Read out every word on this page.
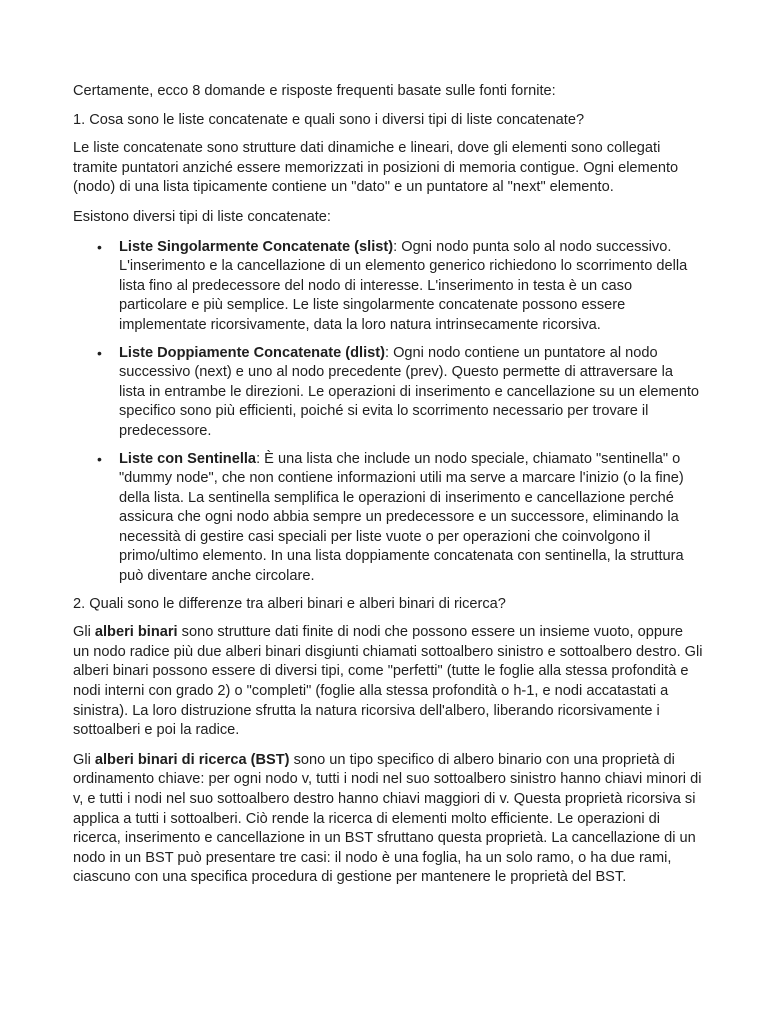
Certamente, ecco 8 domande e risposte frequenti basate sulle fonti fornite:

1. Cosa sono le liste concatenate e quali sono i diversi tipi di liste concatenate?

Le liste concatenate sono strutture dati dinamiche e lineari, dove gli elementi sono collegati tramite puntatori anziché essere memorizzati in posizioni di memoria contigue. Ogni elemento (nodo) di una lista tipicamente contiene un "dato" e un puntatore al "next" elemento.

Esistono diversi tipi di liste concatenate:

• Liste Singolarmente Concatenate (slist): Ogni nodo punta solo al nodo successivo. L'inserimento e la cancellazione di un elemento generico richiedono lo scorrimento della lista fino al predecessore del nodo di interesse. L'inserimento in testa è un caso particolare e più semplice. Le liste singolarmente concatenate possono essere implementate ricorsivamente, data la loro natura intrinsecamente ricorsiva.
• Liste Doppiamente Concatenate (dlist): Ogni nodo contiene un puntatore al nodo successivo (next) e uno al nodo precedente (prev). Questo permette di attraversare la lista in entrambe le direzioni. Le operazioni di inserimento e cancellazione su un elemento specifico sono più efficienti, poiché si evita lo scorrimento necessario per trovare il predecessore.
• Liste con Sentinella: È una lista che include un nodo speciale, chiamato "sentinella" o "dummy node", che non contiene informazioni utili ma serve a marcare l'inizio (o la fine) della lista. La sentinella semplifica le operazioni di inserimento e cancellazione perché assicura che ogni nodo abbia sempre un predecessore e un successore, eliminando la necessità di gestire casi speciali per liste vuote o per operazioni che coinvolgono il primo/ultimo elemento. In una lista doppiamente concatenata con sentinella, la struttura può diventare anche circolare.

2. Quali sono le differenze tra alberi binari e alberi binari di ricerca?

Gli alberi binari sono strutture dati finite di nodi che possono essere un insieme vuoto, oppure un nodo radice più due alberi binari disgiunti chiamati sottoalbero sinistro e sottoalbero destro. Gli alberi binari possono essere di diversi tipi, come "perfetti" (tutte le foglie alla stessa profondità e nodi interni con grado 2) o "completi" (foglie alla stessa profondità o h-1, e nodi accatastati a sinistra). La loro distruzione sfrutta la natura ricorsiva dell'albero, liberando ricorsivamente i sottoalberi e poi la radice.

Gli alberi binari di ricerca (BST) sono un tipo specifico di albero binario con una proprietà di ordinamento chiave: per ogni nodo v, tutti i nodi nel suo sottoalbero sinistro hanno chiavi minori di v, e tutti i nodi nel suo sottoalbero destro hanno chiavi maggiori di v. Questa proprietà ricorsiva si applica a tutti i sottoalberi. Ciò rende la ricerca di elementi molto efficiente. Le operazioni di ricerca, inserimento e cancellazione in un BST sfruttano questa proprietà. La cancellazione di un nodo in un BST può presentare tre casi: il nodo è una foglia, ha un solo ramo, o ha due rami, ciascuno con una specifica procedura di gestione per mantenere le proprietà del BST.
